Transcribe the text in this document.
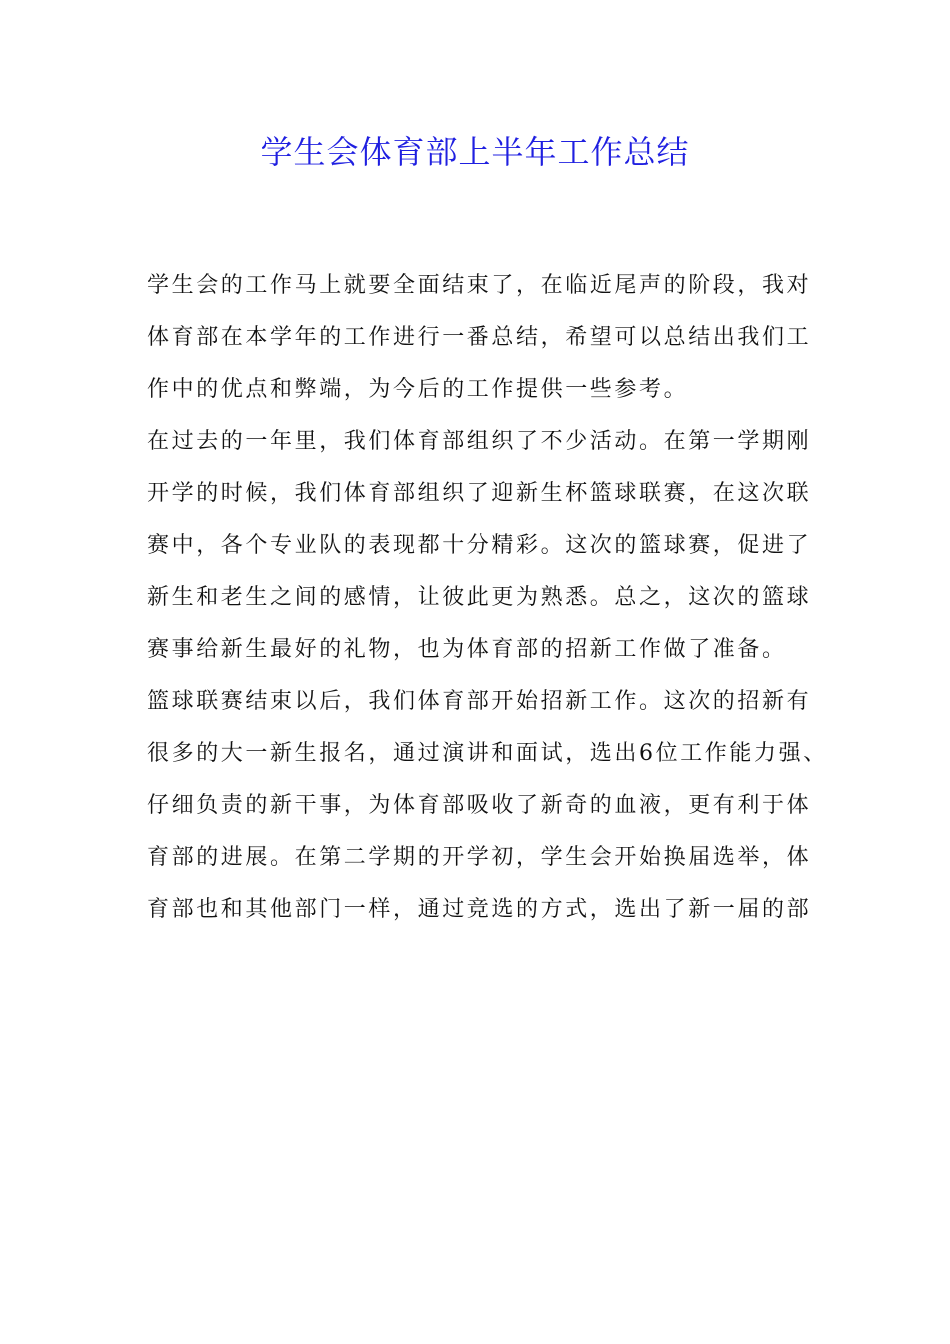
学生会体育部上半年工作总结
学生会的工作马上就要全面结束了，在临近尾声的阶段，我对
体育部在本学年的工作进行一番总结，希望可以总结出我们工
作中的优点和弊端，为今后的工作提供一些参考。
在过去的一年里，我们体育部组织了不少活动。在第一学期刚
开学的时候，我们体育部组织了迎新生杯篮球联赛，在这次联
赛中，各个专业队的表现都十分精彩。这次的篮球赛，促进了
新生和老生之间的感情，让彼此更为熟悉。总之，这次的篮球
赛事给新生最好的礼物，也为体育部的招新工作做了准备。
篮球联赛结束以后，我们体育部开始招新工作。这次的招新有
很多的大一新生报名，通过演讲和面试，选出6位工作能力强、
仔细负责的新干事，为体育部吸收了新奇的血液，更有利于体
育部的进展。在第二学期的开学初，学生会开始换届选举，体
育部也和其他部门一样，通过竞选的方式，选出了新一届的部
